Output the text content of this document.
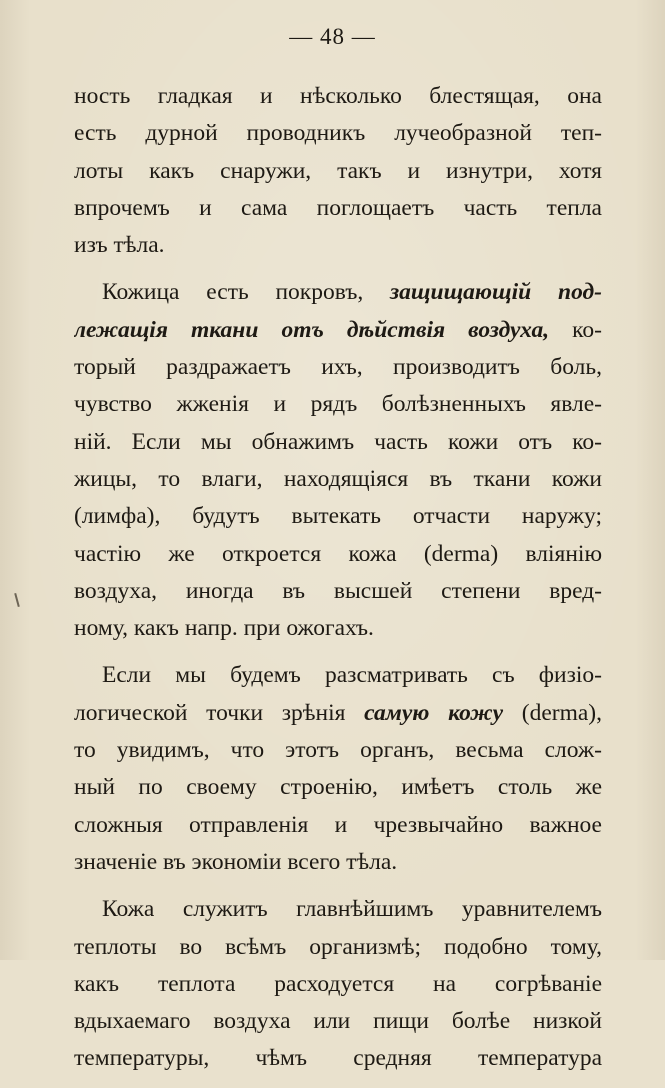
— 48 —
ность гладкая и нѣсколько блестящая, она
есть дурной проводникъ лучеобразной теп-
лоты какъ снаружи, такъ и изнутри, хотя
впрочемъ и сама поглощаетъ часть тепла
изъ тѣла.
Кожица есть покровъ, защищающій под-
лежащія ткани отъ дѣйствія воздуха, ко-
торый раздражаетъ ихъ, производитъ боль,
чувство жженія и рядъ болѣзненныхъ явле-
ній. Если мы обнажимъ часть кожи отъ ко-
жицы, то влаги, находящіяся въ ткани кожи
(лимфа), будутъ вытекать отчасти наружу;
частію же откроется кожа (derma) вліянію
воздуха, иногда въ высшей степени вред-
ному, какъ напр. при ожогахъ.
Если мы будемъ разсматривать съ физіо-
логической точки зрѣнія самую кожу (derma),
то увидимъ, что этотъ органъ, весьма слож-
ный по своему строенію, имѣетъ столь же
сложныя отправленія и чрезвычайно важное
значеніе въ экономіи всего тѣла.
Кожа служитъ главнѣйшимъ уравнителемъ
теплоты во всѣмъ организмѣ; подобно тому,
какъ теплота расходуется на согрѣваніе
вдыхаемаго воздуха или пищи болѣе низкой
температуры, чѣмъ средняя температура
